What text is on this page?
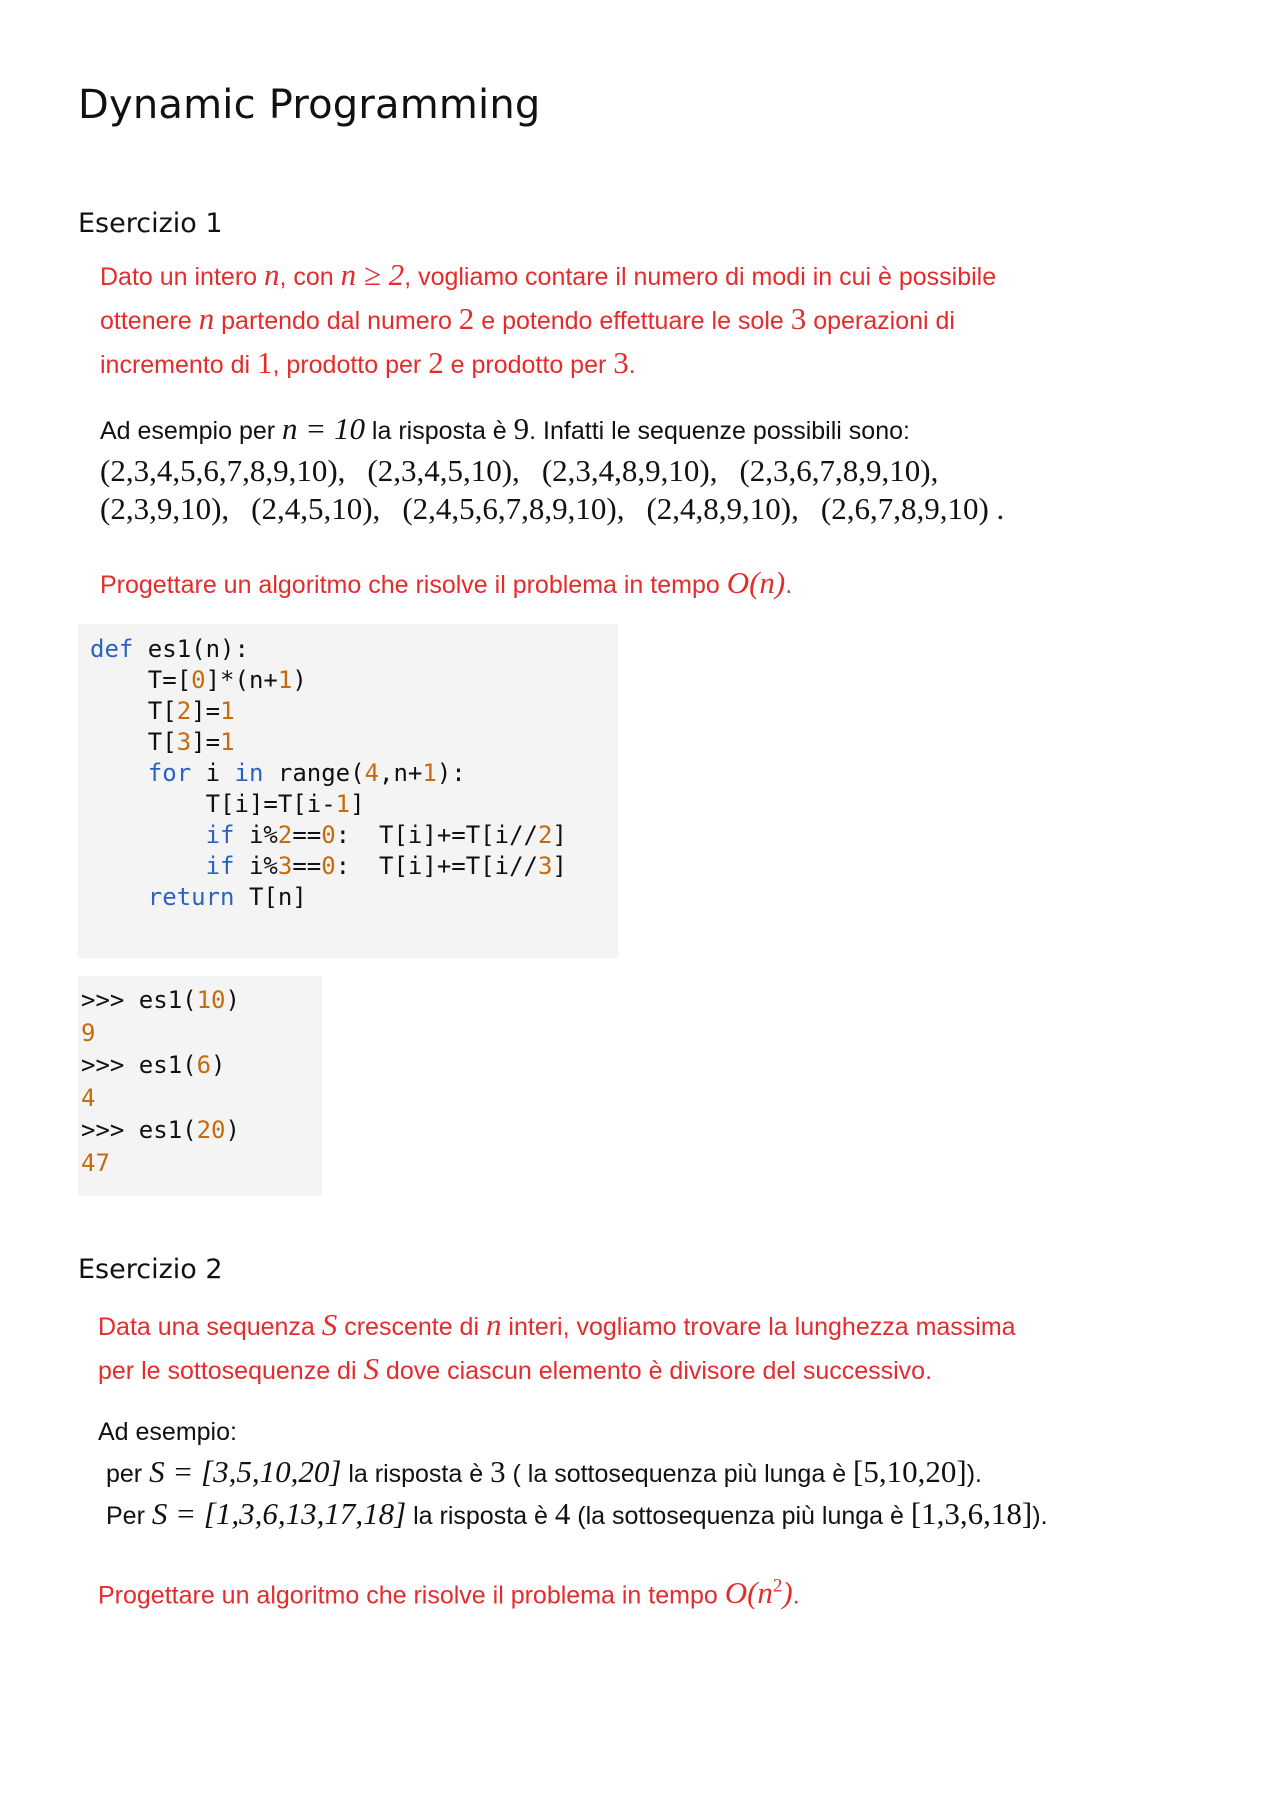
Dynamic Programming
Esercizio 1
Dato un intero n, con n ≥ 2, vogliamo contare il numero di modi in cui è possibile
ottenere n partendo dal numero 2 e potendo effettuare le sole 3 operazioni di
incremento di 1, prodotto per 2 e prodotto per 3.
Ad esempio per n = 10 la risposta è 9. Infatti le sequenze possibili sono:
(2,3,4,5,6,7,8,9,10), (2,3,4,5,10), (2,3,4,8,9,10), (2,3,6,7,8,9,10),
(2,3,9,10), (2,4,5,10), (2,4,5,6,7,8,9,10), (2,4,8,9,10), (2,6,7,8,9,10) .
Progettare un algoritmo che risolve il problema in tempo O(n).
def es1(n):
T=[0]*(n+1)
T[2]=1
T[3]=1
for i in range(4,n+1):
T[i]=T[i-1]
if i%2==0:  T[i]+=T[i//2]
if i%3==0:  T[i]+=T[i//3]
return T[n]
>>> es1(10)
9
>>> es1(6)
4
>>> es1(20)
47
Esercizio 2
Data una sequenza S crescente di n interi, vogliamo trovare la lunghezza massima
per le sottosequenze di S dove ciascun elemento è divisore del successivo.
Ad esempio:
per S = [3,5,10,20] la risposta è 3 ( la sottosequenza più lunga è [5,10,20]).
Per S = [1,3,6,13,17,18] la risposta è 4 (la sottosequenza più lunga è [1,3,6,18]).
Progettare un algoritmo che risolve il problema in tempo $O(n^2)$.
